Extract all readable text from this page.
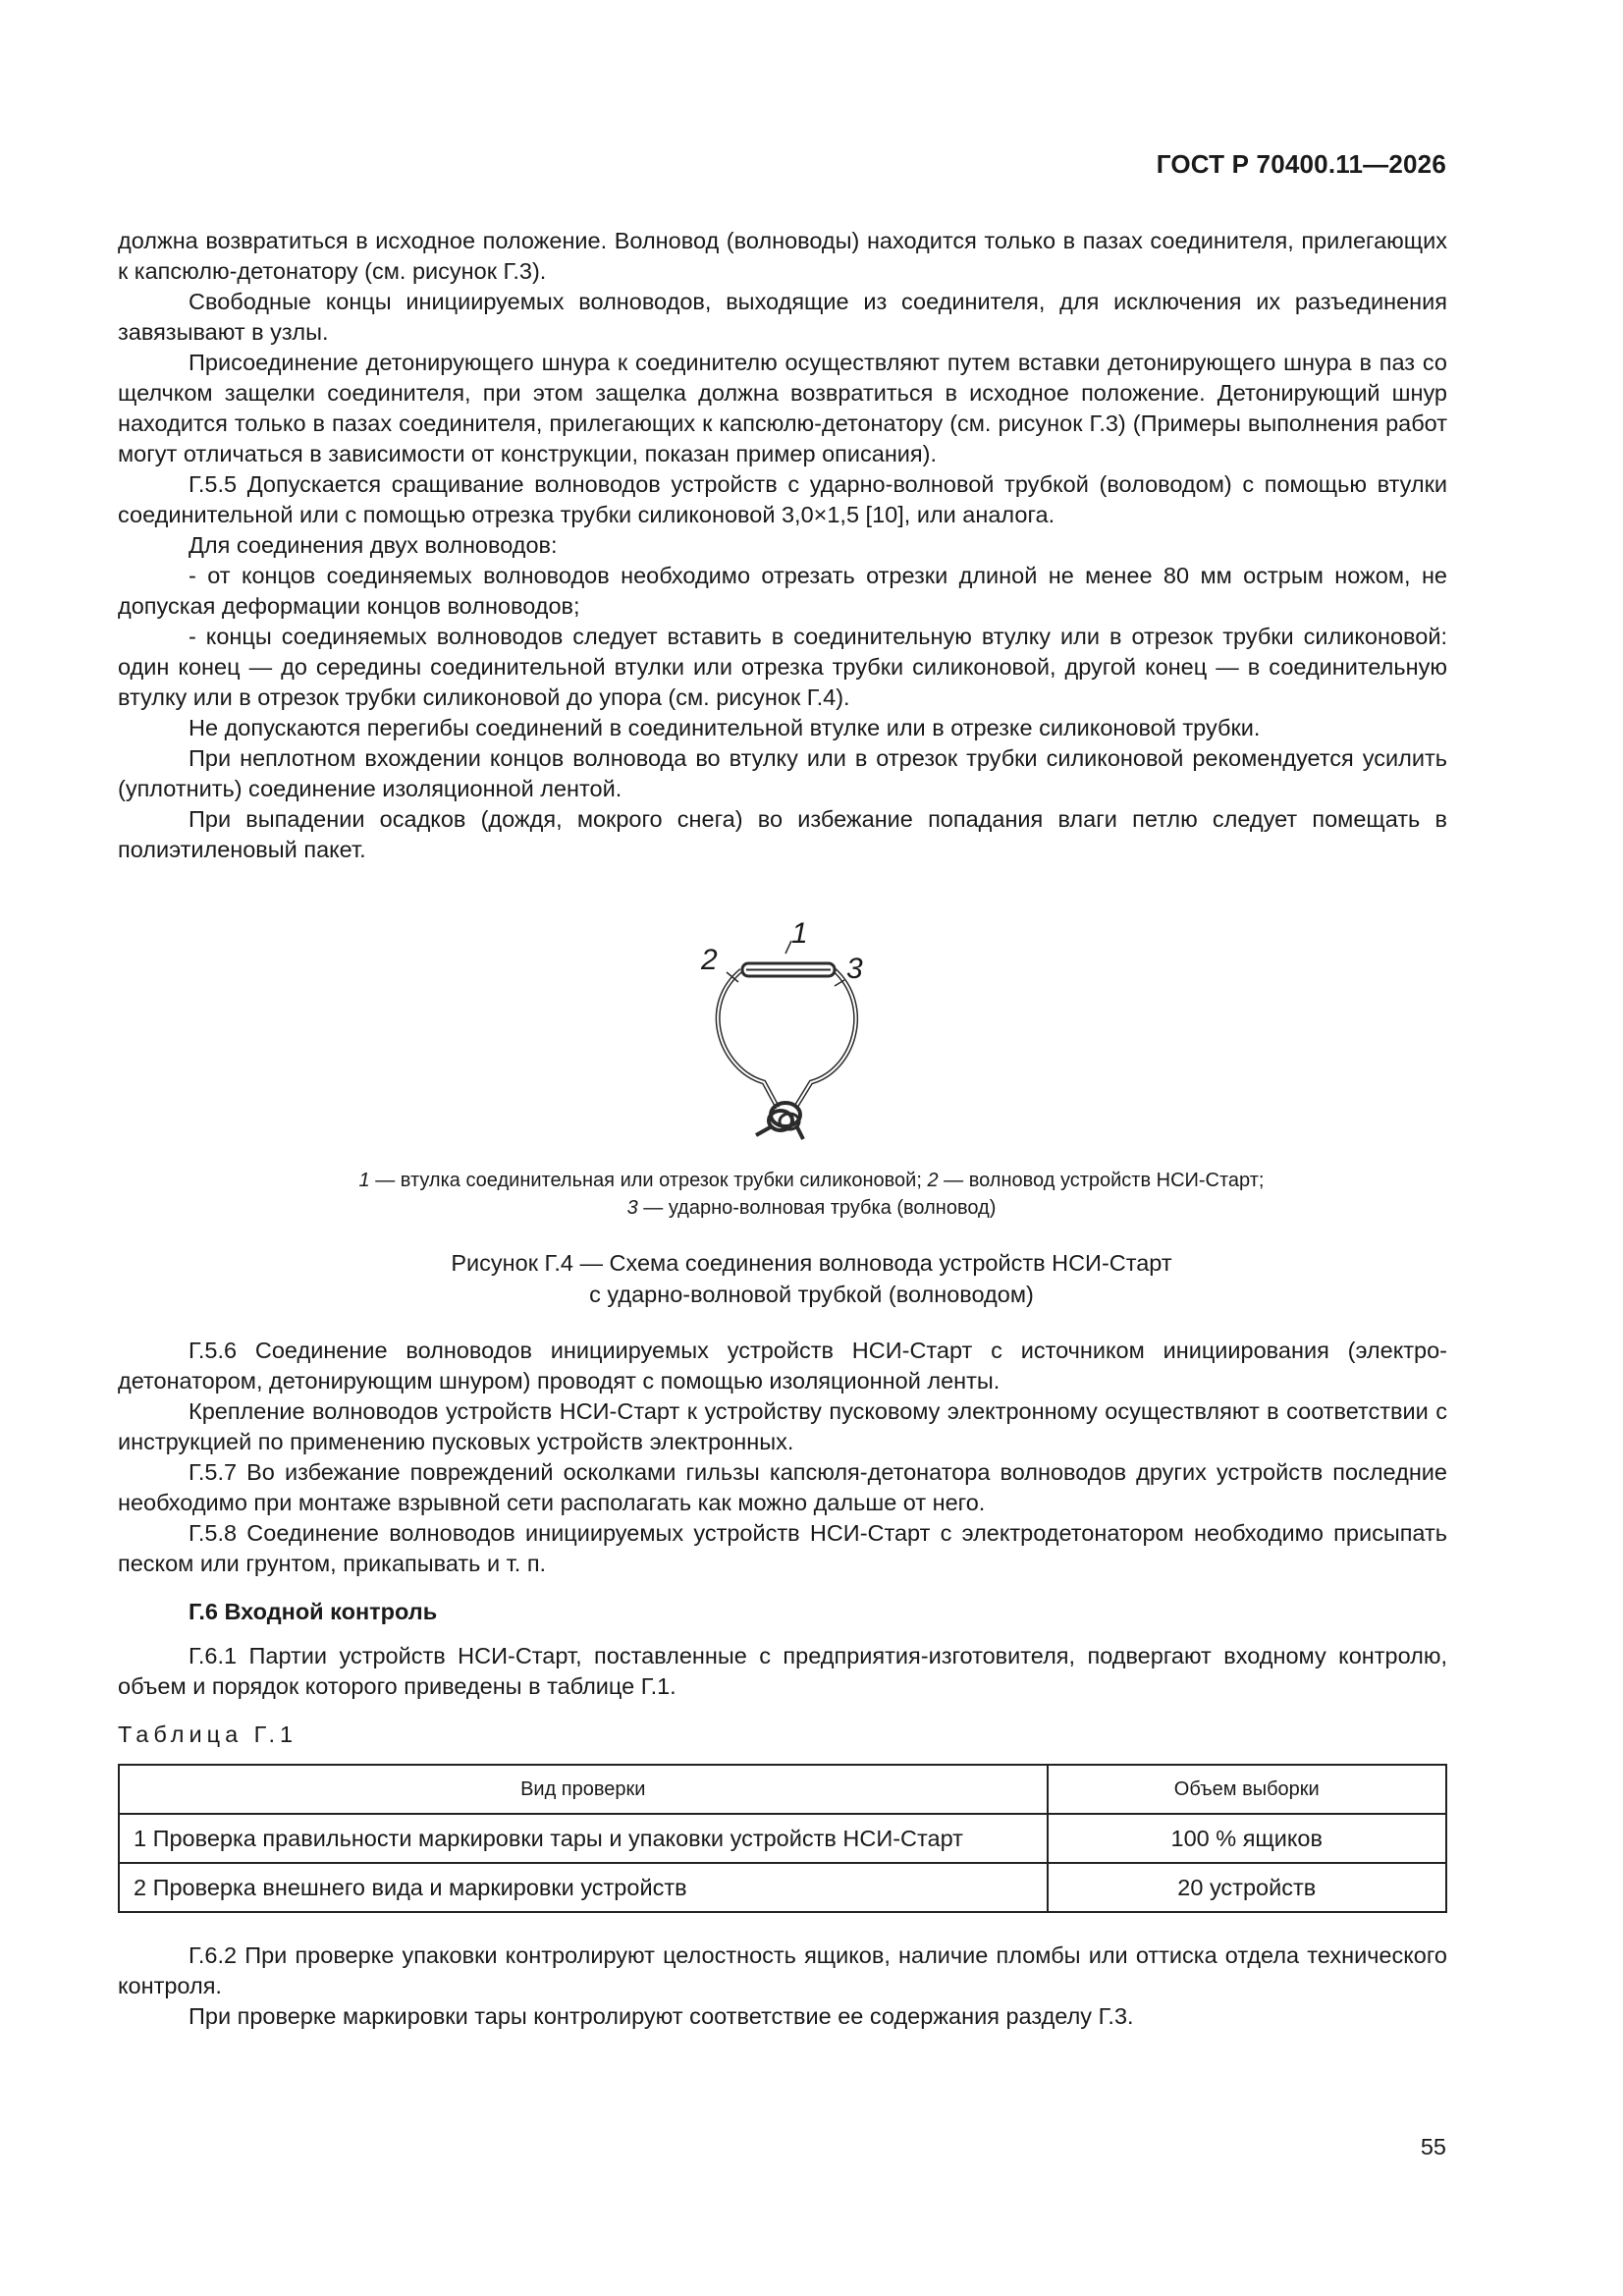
ГОСТ Р 70400.11—2026

должна возвратиться в исходное положение. Волновод (волноводы) находится только в пазах соединителя, прилегающих к капсюлю-детонатору (см. рисунок Г.3).

Свободные концы инициируемых волноводов, выходящие из соединителя, для исключения их разъединения завязывают в узлы.

Присоединение детонирующего шнура к соединителю осуществляют путем вставки детонирующего шнура в паз со щелчком защелки соединителя, при этом защелка должна возвратиться в исходное положение. Детонирующий шнур находится только в пазах соединителя, прилегающих к капсюлю-детонатору (см. рисунок Г.3) (Примеры выполнения работ могут отличаться в зависимости от конструкции, показан пример описания).

Г.5.5 Допускается сращивание волноводов устройств с ударно-волновой трубкой (воловодом) с помощью втулки соединительной или с помощью отрезка трубки силиконовой 3,0×1,5 [10], или аналога.

Для соединения двух волноводов:

- от концов соединяемых волноводов необходимо отрезать отрезки длиной не менее 80 мм острым ножом, не допуская деформации концов волноводов;

- концы соединяемых волноводов следует вставить в соединительную втулку или в отрезок трубки силиконовой: один конец — до середины соединительной втулки или отрезка трубки силиконовой, другой конец — в соединительную втулку или в отрезок трубки силиконовой до упора (см. рисунок Г.4).

Не допускаются перегибы соединений в соединительной втулке или в отрезке силиконовой трубки.

При неплотном вхождении концов волновода во втулку или в отрезок трубки силиконовой рекомендуется усилить (уплотнить) соединение изоляционной лентой.

При выпадении осадков (дождя, мокрого снега) во избежание попадания влаги петлю следует помещать в полиэтиленовый пакет.

1
2	3
1 — втулка соединительная или отрезок трубки силиконовой; 2 — волновод устройств НСИ-Старт;
3 — ударно-волновая трубка (волновод)
Рисунок Г.4 — Схема соединения волновода устройств НСИ-Старт
с ударно-волновой трубкой (волноводом)

Г.5.6 Соединение волноводов инициируемых устройств НСИ-Старт с источником инициирования (электродетонатором, детонирующим шнуром) проводят с помощью изоляционной ленты.

Крепление волноводов устройств НСИ-Старт к устройству пусковому электронному осуществляют в соответствии с инструкцией по применению пусковых устройств электронных.

Г.5.7 Во избежание повреждений осколками гильзы капсюля-детонатора волноводов других устройств последние необходимо при монтаже взрывной сети располагать как можно дальше от него.

Г.5.8 Соединение волноводов инициируемых устройств НСИ-Старт с электродетонатором необходимо присыпать песком или грунтом, прикапывать и т. п.

Г.6 Входной контроль

Г.6.1 Партии устройств НСИ-Старт, поставленные с предприятия-изготовителя, подвергают входному контролю, объем и порядок которого приведены в таблице Г.1.

Таблица Г.1
Вид проверки	Объем выборки
1 Проверка правильности маркировки тары и упаковки устройств НСИ-Старт	100 % ящиков
2 Проверка внешнего вида и маркировки устройств	20 устройств

Г.6.2 При проверке упаковки контролируют целостность ящиков, наличие пломбы или оттиска отдела технического контроля.

При проверке маркировки тары контролируют соответствие ее содержания разделу Г.3.

55
